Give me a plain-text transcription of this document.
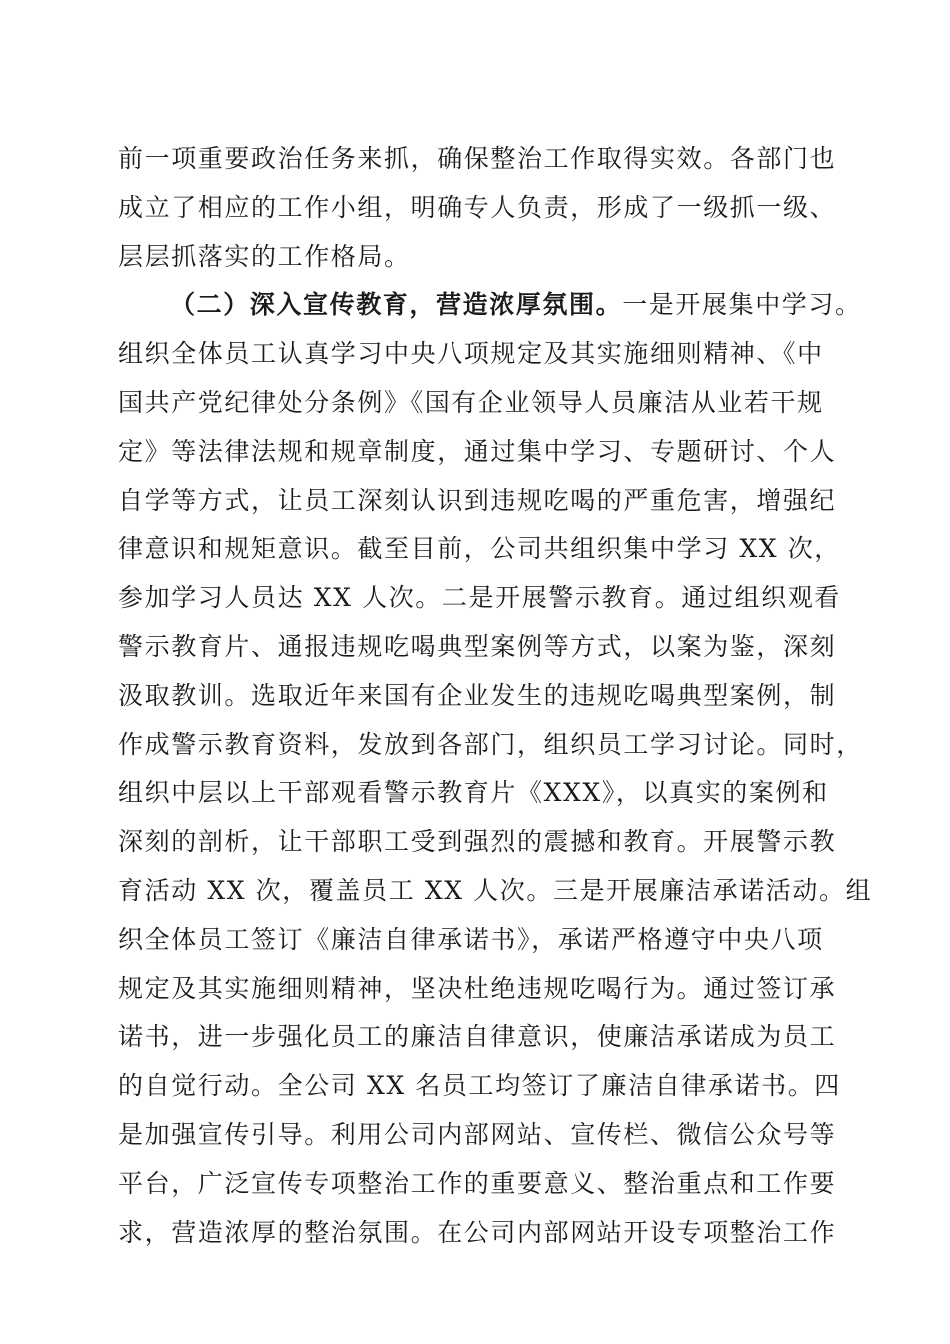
前一项重要政治任务来抓，确保整治工作取得实效。各部门也
成立了相应的工作小组，明确专人负责，形成了一级抓一级、
层层抓落实的工作格局。
（二）深入宣传教育，营造浓厚氛围。一是开展集中学习。
组织全体员工认真学习中央八项规定及其实施细则精神、《中
国共产党纪律处分条例》《国有企业领导人员廉洁从业若干规
定》等法律法规和规章制度，通过集中学习、专题研讨、个人
自学等方式，让员工深刻认识到违规吃喝的严重危害，增强纪
律意识和规矩意识。截至目前，公司共组织集中学习 XX 次，
参加学习人员达 XX 人次。二是开展警示教育。通过组织观看
警示教育片、通报违规吃喝典型案例等方式，以案为鉴，深刻
汲取教训。选取近年来国有企业发生的违规吃喝典型案例，制
作成警示教育资料，发放到各部门，组织员工学习讨论。同时，
组织中层以上干部观看警示教育片《XXX》，以真实的案例和
深刻的剖析，让干部职工受到强烈的震撼和教育。开展警示教
育活动 XX 次，覆盖员工 XX 人次。三是开展廉洁承诺活动。组
织全体员工签订《廉洁自律承诺书》，承诺严格遵守中央八项
规定及其实施细则精神，坚决杜绝违规吃喝行为。通过签订承
诺书，进一步强化员工的廉洁自律意识，使廉洁承诺成为员工
的自觉行动。全公司 XX 名员工均签订了廉洁自律承诺书。四
是加强宣传引导。利用公司内部网站、宣传栏、微信公众号等
平台，广泛宣传专项整治工作的重要意义、整治重点和工作要
求，营造浓厚的整治氛围。在公司内部网站开设专项整治工作
